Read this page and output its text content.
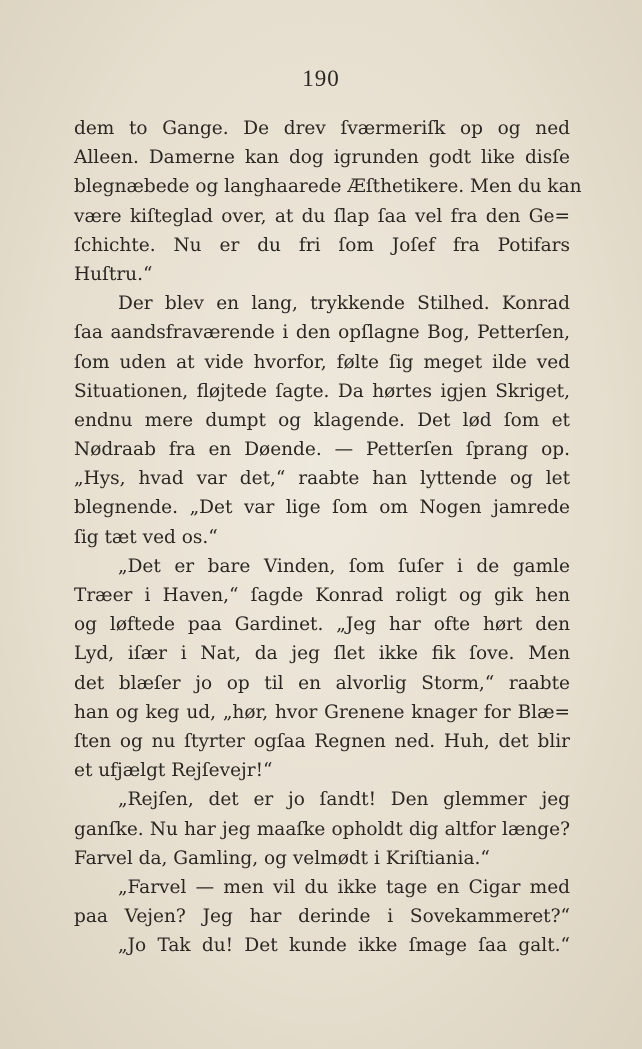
190
dem to Gange. De drev ſværmeriſk op og ned
Alleen. Damerne kan dog igrunden godt like disſe
blegnæbede og langhaarede Æſthetikere. Men du kan
være kiſteglad over, at du ſlap ſaa vel fra den Ge=
ſchichte. Nu er du fri ſom Joſef fra Potifars
Huſtru.“
Der blev en lang, trykkende Stilhed. Konrad
ſaa aandsfraværende i den opſlagne Bog, Petterſen,
ſom uden at vide hvorfor, følte ſig meget ilde ved
Situationen, fløjtede ſagte. Da hørtes igjen Skriget,
endnu mere dumpt og klagende. Det lød ſom et
Nødraab fra en Døende. — Petterſen ſprang op.
„Hys, hvad var det,“ raabte han lyttende og let
blegnende. „Det var lige ſom om Nogen jamrede
ſig tæt ved os.“
„Det er bare Vinden, ſom ſuſer i de gamle
Træer i Haven,“ ſagde Konrad roligt og gik hen
og løftede paa Gardinet. „Jeg har ofte hørt den
Lyd, iſær i Nat, da jeg ſlet ikke fik ſove. Men
det blæſer jo op til en alvorlig Storm,“ raabte
han og keg ud, „hør, hvor Grenene knager for Blæ=
ſten og nu ſtyrter ogſaa Regnen ned. Huh, det blir
et ufjælgt Rejſevejr!“
„Rejſen, det er jo ſandt! Den glemmer jeg
ganſke. Nu har jeg maaſke opholdt dig altfor længe?
Farvel da, Gamling, og velmødt i Kriſtiania.“
„Farvel — men vil du ikke tage en Cigar med
paa Vejen? Jeg har derinde i Sovekammeret?“
„Jo Tak du! Det kunde ikke ſmage ſaa galt.“
